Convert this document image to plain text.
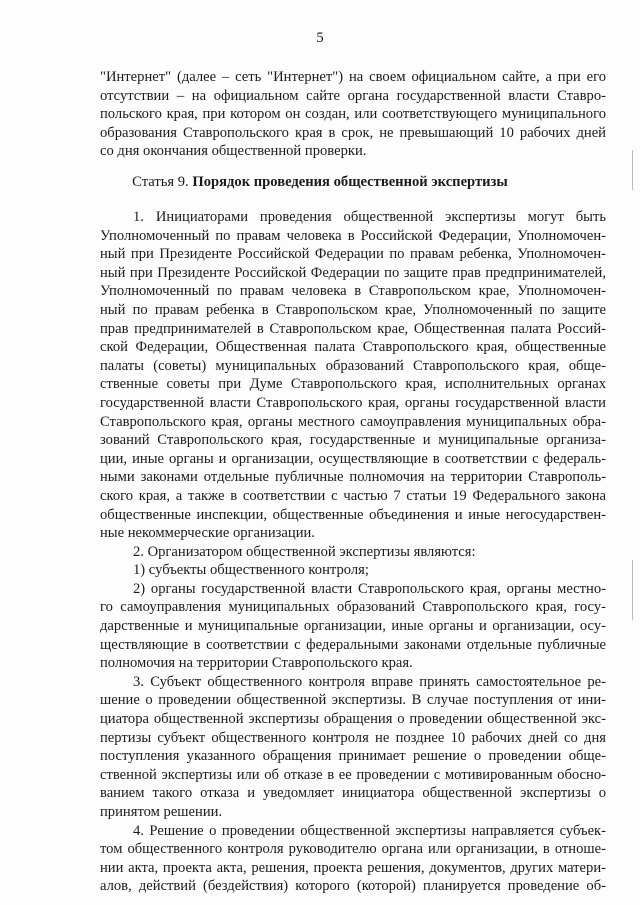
5
"Интернет" (далее – сеть "Интернет") на своем официальном сайте, а при его
отсутствии – на официальном сайте органа государственной власти Ставро-
польского края, при котором он создан, или соответствующего муниципального
образования Ставропольского края в срок, не превышающий 10 рабочих дней
со дня окончания общественной проверки.
Статья 9. Порядок проведения общественной экспертизы
1. Инициаторами проведения общественной экспертизы могут быть
Уполномоченный по правам человека в Российской Федерации, Уполномочен-
ный при Президенте Российской Федерации по правам ребенка, Уполномочен-
ный при Президенте Российской Федерации по защите прав предпринимателей,
Уполномоченный по правам человека в Ставропольском крае, Уполномочен-
ный по правам ребенка в Ставропольском крае, Уполномоченный по защите
прав предпринимателей в Ставропольском крае, Общественная палата Россий-
ской Федерации, Общественная палата Ставропольского края, общественные
палаты (советы) муниципальных образований Ставропольского края, обще-
ственные советы при Думе Ставропольского края, исполнительных органах
государственной власти Ставропольского края, органы государственной власти
Ставропольского края, органы местного самоуправления муниципальных обра-
зований Ставропольского края, государственные и муниципальные организа-
ции, иные органы и организации, осуществляющие в соответствии с федераль-
ными законами отдельные публичные полномочия на территории Ставрополь-
ского края, а также в соответствии с частью 7 статьи 19 Федерального закона
общественные инспекции, общественные объединения и иные негосударствен-
ные некоммерческие организации.
2. Организатором общественной экспертизы являются:
1) субъекты общественного контроля;
2) органы государственной власти Ставропольского края, органы местно-
го самоуправления муниципальных образований Ставропольского края, госу-
дарственные и муниципальные организации, иные органы и организации, осу-
ществляющие в соответствии с федеральными законами отдельные публичные
полномочия на территории Ставропольского края.
3. Субъект общественного контроля вправе принять самостоятельное ре-
шение о проведении общественной экспертизы. В случае поступления от ини-
циатора общественной экспертизы обращения о проведении общественной экс-
пертизы субъект общественного контроля не позднее 10 рабочих дней со дня
поступления указанного обращения принимает решение о проведении обще-
ственной экспертизы или об отказе в ее проведении с мотивированным обосно-
ванием такого отказа и уведомляет инициатора общественной экспертизы о
принятом решении.
4. Решение о проведении общественной экспертизы направляется субъек-
том общественного контроля руководителю органа или организации, в отноше-
нии акта, проекта акта, решения, проекта решения, документов, других матери-
алов, действий (бездействия) которого (которой) планируется проведение об-
